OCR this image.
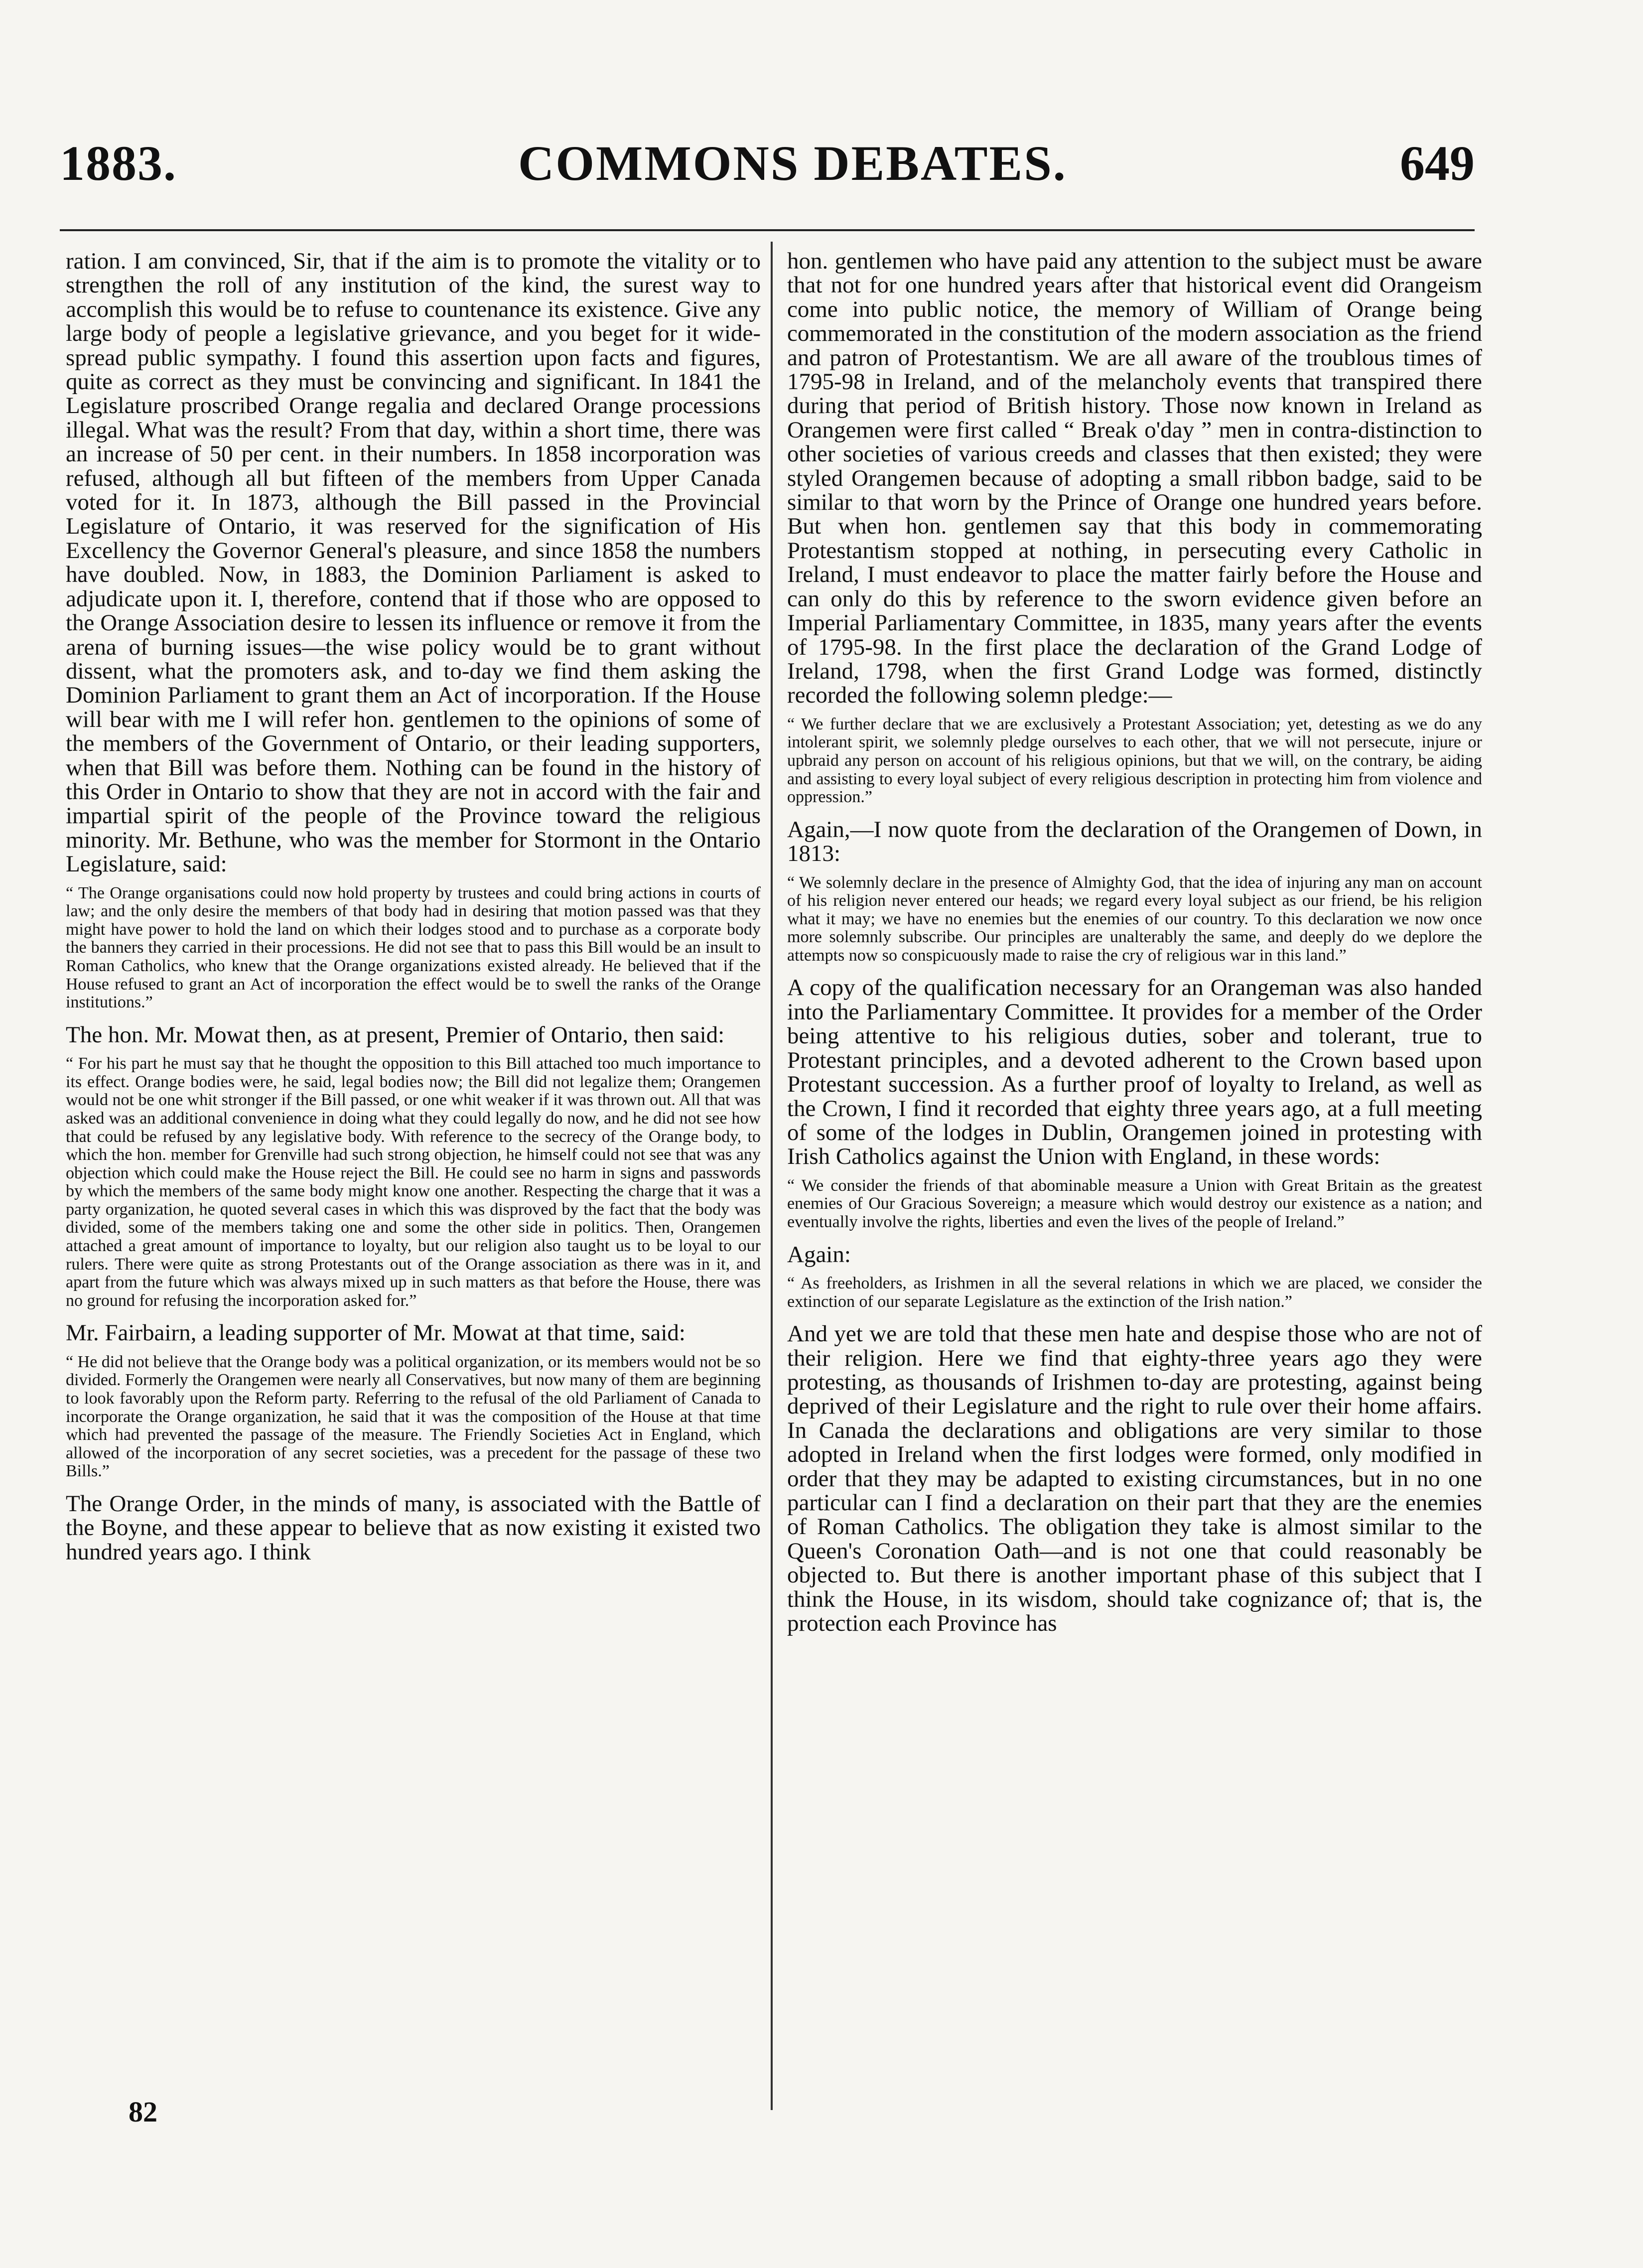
1883.	COMMONS DEBATES.	649

ration. I am convinced, Sir, that if the aim is to promote the vitality or to strengthen the roll of any institution of the kind, the surest way to accomplish this would be to refuse to countenance its existence. Give any large body of people a legislative grievance, and you beget for it wide-spread public sympathy. I found this assertion upon facts and figures, quite as correct as they must be convincing and significant. In 1841 the Legislature proscribed Orange regalia and declared Orange processions illegal. What was the result? From that day, within a short time, there was an increase of 50 per cent. in their numbers. In 1858 incorporation was refused, although all but fifteen of the members from Upper Canada voted for it. In 1873, although the Bill passed in the Provincial Legislature of Ontario, it was reserved for the signification of His Excellency the Governor General's pleasure, and since 1858 the numbers have doubled. Now, in 1883, the Dominion Parliament is asked to adjudicate upon it. I, therefore, contend that if those who are opposed to the Orange Association desire to lessen its influence or remove it from the arena of burning issues—the wise policy would be to grant without dissent, what the promoters ask, and to-day we find them asking the Dominion Parliament to grant them an Act of incorporation. If the House will bear with me I will refer hon. gentlemen to the opinions of some of the members of the Government of Ontario, or their leading supporters, when that Bill was before them. Nothing can be found in the history of this Order in Ontario to show that they are not in accord with the fair and impartial spirit of the people of the Province toward the religious minority. Mr. Bethune, who was the member for Stormont in the Ontario Legislature, said:

“ The Orange organisations could now hold property by trustees and could bring actions in courts of law; and the only desire the members of that body had in desiring that motion passed was that they might have power to hold the land on which their lodges stood and to purchase as a corporate body the banners they carried in their processions. He did not see that to pass this Bill would be an insult to Roman Catholics, who knew that the Orange organizations existed already. He believed that if the House refused to grant an Act of incorporation the effect would be to swell the ranks of the Orange institutions.”

The hon. Mr. Mowat then, as at present, Premier of Ontario, then said:

“ For his part he must say that he thought the opposition to this Bill attached too much importance to its effect. Orange bodies were, he said, legal bodies now; the Bill did not legalize them; Orangemen would not be one whit stronger if the Bill passed, or one whit weaker if it was thrown out. All that was asked was an additional convenience in doing what they could legally do now, and he did not see how that could be refused by any legislative body. With reference to the secrecy of the Orange body, to which the hon. member for Grenville had such strong objection, he himself could not see that was any objection which could make the House reject the Bill. He could see no harm in signs and passwords by which the members of the same body might know one another. Respecting the charge that it was a party organization, he quoted several cases in which this was disproved by the fact that the body was divided, some of the members taking one and some the other side in politics. Then, Orangemen attached a great amount of importance to loyalty, but our religion also taught us to be loyal to our rulers. There were quite as strong Protestants out of the Orange association as there was in it, and apart from the future which was always mixed up in such matters as that before the House, there was no ground for refusing the incorporation asked for.”

Mr. Fairbairn, a leading supporter of Mr. Mowat at that time, said:

“ He did not believe that the Orange body was a political organization, or its members would not be so divided. Formerly the Orangemen were nearly all Conservatives, but now many of them are beginning to look favorably upon the Reform party. Referring to the refusal of the old Parliament of Canada to incorporate the Orange organization, he said that it was the composition of the House at that time which had prevented the passage of the measure. The Friendly Societies Act in England, which allowed of the incorporation of any secret societies, was a precedent for the passage of these two Bills.”

The Orange Order, in the minds of many, is associated with the Battle of the Boyne, and these appear to believe that as now existing it existed two hundred years ago. I think

hon. gentlemen who have paid any attention to the subject must be aware that not for one hundred years after that historical event did Orangeism come into public notice, the memory of William of Orange being commemorated in the constitution of the modern association as the friend and patron of Protestantism. We are all aware of the troublous times of 1795-98 in Ireland, and of the melancholy events that transpired there during that period of British history. Those now known in Ireland as Orangemen were first called “ Break o'day ” men in contra-distinction to other societies of various creeds and classes that then existed; they were styled Orangemen because of adopting a small ribbon badge, said to be similar to that worn by the Prince of Orange one hundred years before. But when hon. gentlemen say that this body in commemorating Protestantism stopped at nothing, in persecuting every Catholic in Ireland, I must endeavor to place the matter fairly before the House and can only do this by reference to the sworn evidence given before an Imperial Parliamentary Committee, in 1835, many years after the events of 1795-98. In the first place the declaration of the Grand Lodge of Ireland, 1798, when the first Grand Lodge was formed, distinctly recorded the following solemn pledge:—

“ We further declare that we are exclusively a Protestant Association; yet, detesting as we do any intolerant spirit, we solemnly pledge ourselves to each other, that we will not persecute, injure or upbraid any person on account of his religious opinions, but that we will, on the contrary, be aiding and assisting to every loyal subject of every religious description in protecting him from violence and oppression.”

Again,—I now quote from the declaration of the Orangemen of Down, in 1813:

“ We solemnly declare in the presence of Almighty God, that the idea of injuring any man on account of his religion never entered our heads; we regard every loyal subject as our friend, be his religion what it may; we have no enemies but the enemies of our country. To this declaration we now once more solemnly subscribe. Our principles are unalterably the same, and deeply do we deplore the attempts now so conspicuously made to raise the cry of religious war in this land.”

A copy of the qualification necessary for an Orangeman was also handed into the Parliamentary Committee. It provides for a member of the Order being attentive to his religious duties, sober and tolerant, true to Protestant principles, and a devoted adherent to the Crown based upon Protestant succession. As a further proof of loyalty to Ireland, as well as the Crown, I find it recorded that eighty three years ago, at a full meeting of some of the lodges in Dublin, Orangemen joined in protesting with Irish Catholics against the Union with England, in these words:

“ We consider the friends of that abominable measure a Union with Great Britain as the greatest enemies of Our Gracious Sovereign; a measure which would destroy our existence as a nation; and eventually involve the rights, liberties and even the lives of the people of Ireland.”

Again:

“ As freeholders, as Irishmen in all the several relations in which we are placed, we consider the extinction of our separate Legislature as the extinction of the Irish nation.”

And yet we are told that these men hate and despise those who are not of their religion. Here we find that eighty-three years ago they were protesting, as thousands of Irishmen to-day are protesting, against being deprived of their Legislature and the right to rule over their home affairs. In Canada the declarations and obligations are very similar to those adopted in Ireland when the first lodges were formed, only modified in order that they may be adapted to existing circumstances, but in no one particular can I find a declaration on their part that they are the enemies of Roman Catholics. The obligation they take is almost similar to the Queen's Coronation Oath—and is not one that could reasonably be objected to. But there is another important phase of this subject that I think the House, in its wisdom, should take cognizance of; that is, the protection each Province has

82
